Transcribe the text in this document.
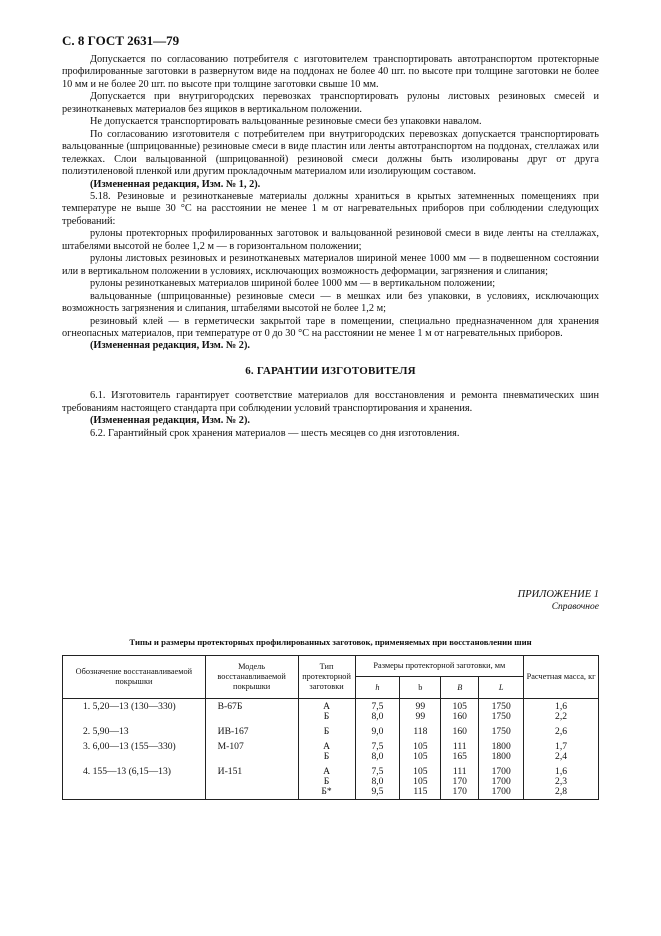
С. 8 ГОСТ 2631—79

Допускается по согласованию потребителя с изготовителем транспортировать автотранспортом протекторные профилированные заготовки в развернутом виде на поддонах не более 40 шт. по высоте при толщине заготовки не более 10 мм и не более 20 шт. по высоте при толщине заготовки свыше 10 мм.

Допускается при внутригородских перевозках транспортировать рулоны листовых резиновых смесей и резинотканевых материалов без ящиков в вертикальном положении.

Не допускается транспортировать вальцованные резиновые смеси без упаковки навалом.

По согласованию изготовителя с потребителем при внутригородских перевозках допускается транспортировать вальцованные (шприцованные) резиновые смеси в виде пластин или ленты автотранспортом на поддонах, стеллажах или тележках. Слои вальцованной (шприцованной) резиновой смеси должны быть изолированы друг от друга полиэтиленовой пленкой или другим прокладочным материалом или изолирующим составом.

(Измененная редакция, Изм. № 1, 2).

5.18. Резиновые и резинотканевые материалы должны храниться в крытых затемненных помещениях при температуре не выше 30 °С на расстоянии не менее 1 м от нагревательных приборов при соблюдении следующих требований:

рулоны протекторных профилированных заготовок и вальцованной резиновой смеси в виде ленты на стеллажах, штабелями высотой не более 1,2 м — в горизонтальном положении;

рулоны листовых резиновых и резинотканевых материалов шириной менее 1000 мм — в подвешенном состоянии или в вертикальном положении в условиях, исключающих возможность деформации, загрязнения и слипания;

рулоны резинотканевых материалов шириной более 1000 мм — в вертикальном положении;

вальцованные (шприцованные) резиновые смеси — в мешках или без упаковки, в условиях, исключающих возможность загрязнения и слипания, штабелями высотой не более 1,2 м;

резиновый клей — в герметически закрытой таре в помещении, специально предназначенном для хранения огнеопасных материалов, при температуре от 0 до 30 °С на расстоянии не менее 1 м от нагревательных приборов.

(Измененная редакция, Изм. № 2).

6. ГАРАНТИИ ИЗГОТОВИТЕЛЯ

6.1. Изготовитель гарантирует соответствие материалов для восстановления и ремонта пневматических шин требованиям настоящего стандарта при соблюдении условий транспортирования и хранения.

(Измененная редакция, Изм. № 2).

6.2. Гарантийный срок хранения материалов — шесть месяцев со дня изготовления.

ПРИЛОЖЕНИЕ 1
Справочное
Типы и размеры протекторных профилированных заготовок, применяемых при восстановлении шин
Обозначение восстанавливаемой покрышки	Модель восстанавливаемой покрышки	Тип протекторной заготовки	Размеры протекторной заготовки, мм				Расчетная масса, кг
			h	b	B	L	
1. 5,20—13 (130—330)	В-67Б	А	7,5	99	105	1750	1,6
		Б	8,0	99	160	1750	2,2
2. 5,90—13	ИВ-167	Б	9,0	118	160	1750	2,6
3. 6,00—13 (155—330)	М-107	А	7,5	105	111	1800	1,7
		Б	8,0	105	165	1800	2,4
4. 155—13 (6,15—13)	И-151	А	7,5	105	111	1700	1,6
		Б	8,0	105	170	1700	2,3
		Б*	9,5	115	170	1700	2,8
